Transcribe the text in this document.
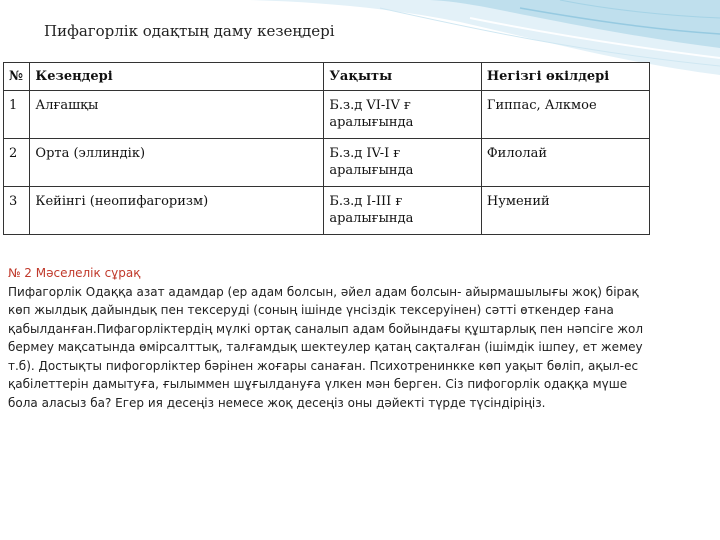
Пифагорлік одақтың даму кезеңдері
№	Кезеңдері	Уақыты	Негізгі өкілдері
1	Алғашқы	Б.з.д VI-IV ғ аралығында	Гиппас, Алкмое
2	Орта (эллиндік)	Б.з.д IV-I ғ аралығында	Филолай
3	Кейінгі (неопифагоризм)	Б.з.д I-III ғ аралығында	Нумений
№ 2 Мәселелік сұрақ

Пифагорлік Одаққа азат адамдар (ер адам болсын, әйел адам болсын- айырмашылығы жоқ) бірақ көп жылдық дайындық пен тексеруді (соның ішінде үнсіздік тексеруінен) сәтті өткендер ғана қабылданған.Пифагорліктердің мүлкі ортақ саналып адам бойындағы құштарлық пен нәпсіге жол бермеу мақсатында өмірсалттық, талғамдық шектеулер қатаң сақталған (ішімдік ішпеу, ет жемеу т.б). Достықты пифогорліктер бәрінен жоғары санаған. Психотренинкке көп уақыт бөліп, ақыл-ес қабілеттерін дамытуға, ғылыммен шұғылдануға үлкен мән берген. Сіз пифогорлік одаққа мүше бола аласыз ба? Егер ия десеңіз немесе жоқ десеңіз оны дәйекті түрде түсіндіріңіз.
